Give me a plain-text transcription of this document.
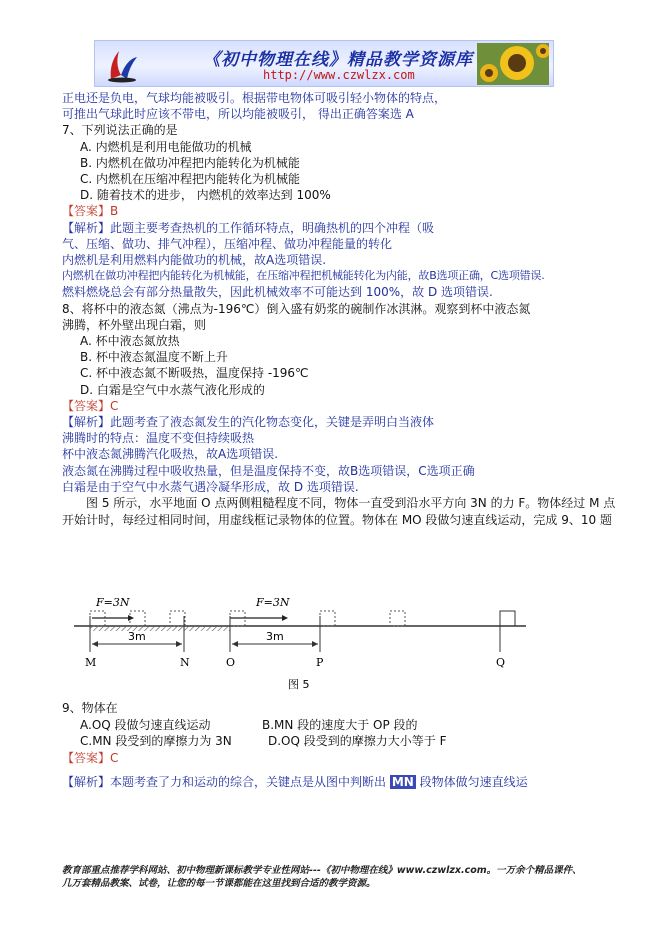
《初中物理在线》精品教学资源库
http://www.czwlzx.com
正电还是负电，气球均能被吸引。根据带电物体可吸引轻小物体的特点，
可推出气球此时应该不带电，所以均能被吸引， 得出正确答案选 A
7、下列说法正确的是
A. 内燃机是利用电能做功的机械
B. 内燃机在做功冲程把内能转化为机械能
C. 内燃机在压缩冲程把内能转化为机械能
D. 随着技术的进步， 内燃机的效率达到 100%
【答案】B
【解析】此题主要考查热机的工作循环特点，明确热机的四个冲程（吸
气、压缩、做功、排气冲程），压缩冲程、做功冲程能量的转化
内燃机是利用燃料内能做功的机械，故A选项错误.
内燃机在做功冲程把内能转化为机械能，在压缩冲程把机械能转化为内能，故B选项正确，C选项错误.
燃料燃烧总会有部分热量散失，因此机械效率不可能达到 100%，故 D 选项错误.
8、将杯中的液态氮（沸点为-196℃）倒入盛有奶浆的碗制作冰淇淋。观察到杯中液态氮
沸腾，杯外壁出现白霜，则
A. 杯中液态氮放热
B. 杯中液态氮温度不断上升
C. 杯中液态氮不断吸热，温度保持 -196℃
D. 白霜是空气中水蒸气液化形成的
【答案】C
【解析】此题考查了液态氮发生的汽化物态变化，关键是弄明白当液体
沸腾时的特点：温度不变但持续吸热
杯中液态氮沸腾汽化吸热，故A选项错误.
液态氮在沸腾过程中吸收热量，但是温度保持不变，故B选项错误，C选项正确
白霜是由于空气中水蒸气遇冷凝华形成，故 D 选项错误.
图 5 所示，水平地面 O 点两侧粗糙程度不同，物体一直受到沿水平方向 3N 的力 F。物体经过 M 点开始计时，每经过相同时间，用虚线框记录物体的位置。物体在 MO 段做匀速直线运动，完成 9、10 题
F=3N	F=3N
3m	3m
M	N	O	P	Q
图 5
9、物体在
A.OQ 段做匀速直线运动	B.MN 段的速度大于 OP 段的
C.MN 段受到的摩擦力为 3N	D.OQ 段受到的摩擦力大小等于 F
【答案】C
【解析】本题考查了力和运动的综合，关键点是从图中判断出 MN 段物体做匀速直线运
教育部重点推荐学科网站、初中物理新课标教学专业性网站---《初中物理在线》www.czwlzx.com。一万余个精品课件、
几万套精品教案、试卷，让您的每一节课都能在这里找到合适的教学资源。
